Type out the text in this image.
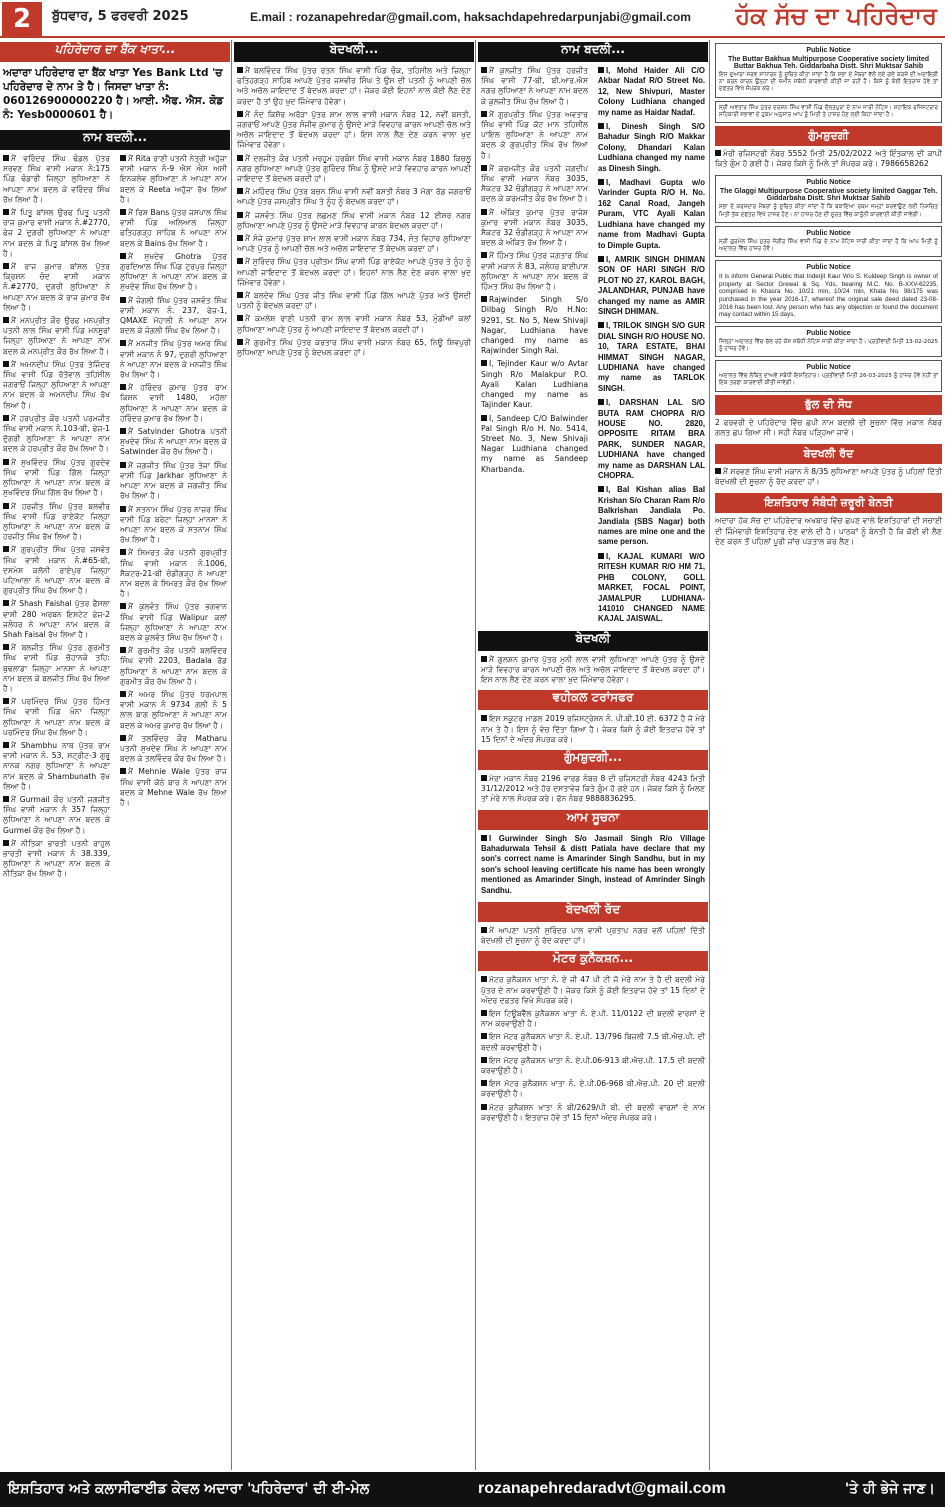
2	ਬੁੱਧਵਾਰ, 5 ਫਰਵਰੀ 2025	E.mail : rozanapehredar@gmail.com, haksachdapehredarpunjabi@gmail.com ਹੱਕ ਸੱਚ ਦਾ ਪਹਿਰੇਦਾਰ
ਪਹਿਰੇਦਾਰ ਦਾ ਬੈਂਕ ਖਾਤਾ...
ਅਦਾਰਾ ਪਹਿਰੇਦਾਰ ਦਾ ਬੈਂਕ ਖਾਤਾ Yes Bank Ltd 'ਚ ਪਹਿਰੇਦਾਰ ਦੇ ਨਾਮ ਤੇ ਹੈ। ਜਿਸਦਾ ਖਾਤਾ ਨੰ: 060126900000220 ਹੈ। ਆਈ. ਐਫ. ਐਸ. ਕੋਡ ਨੰ: Yesb0000601 ਹੈ।
ਨਾਮ ਬਦਲੀ...
ਮੈਂ ਵਰਿੰਦਰ ਸਿੰਘ ਢੰਡਲ ਪੁੱਤਰ ਸਰਵਣ ਸਿੰਘ ਵਾਸੀ ਮਕਾਨ ਨੰ:175 ਪਿੰਡ ਢੰਡਾਰੀ ਜਿਲ੍ਹਾ ਲੁਧਿਆਣਾ ਨੇ ਆਪਣਾ ਨਾਮ ਬਦਲ ਕੇ ਵਰਿੰਦਰ ਸਿੰਘ ਰੱਖ ਲਿਆ ਹੈ।
ਮੈਂ ਪਿਤੂ ਬਾਂਸਲ ਉਰਫ ਪਿਤੂ ਪਤਨੀ ਰਾਜ ਕੁਮਾਰ ਵਾਸੀ ਮਕਾਨ ਨੰ.#2770, ਫੇਜ਼ 2 ਦੁਗਰੀ ਲੁਧਿਆਣਾ ਨੇ ਆਪਣਾ ਨਾਮ ਬਦਲ ਕੇ ਪਿਤੂ ਬਾਂਸਲ ਰੱਖ ਲਿਆ ਹੈ।
ਮੈਂ ਰਾਜ ਕੁਮਾਰ ਬਾਂਸਲ ਪੁੱਤਰ ਕ੍ਰਿਸ਼ਨ ਚੰਦ ਵਾਸੀ ਮਕਾਨ ਨੰ.#2770, ਦੁਗਰੀ ਲੁਧਿਆਣਾ ਨੇ ਆਪਣਾ ਨਾਮ ਬਦਲ ਕੇ ਰਾਜ ਕੁਮਾਰ ਰੱਖ ਲਿਆ ਹੈ।
ਮੈਂ ਮਨਪ੍ਰੀਤ ਕੌਰ ਉਰਫ ਮਨਪ੍ਰੀਤ ਪਤਨੀ ਲਾਲ ਸਿੰਘ ਵਾਸੀ ਪਿੰਡ ਮਨਸੂਰਾਂ ਜਿਲ੍ਹਾ ਲੁਧਿਆਣਾ ਨੇ ਆਪਣਾ ਨਾਮ ਬਦਲ ਕੇ ਮਨਪ੍ਰੀਤ ਕੌਰ ਰੱਖ ਲਿਆ ਹੈ।
ਮੈਂ ਅਮਨਦੀਪ ਸਿੰਘ ਪੁੱਤਰ ਤੇਜਿੰਦਰ ਸਿੰਘ ਵਾਸੀ ਪਿੰਡ ਰੱਤੋਵਾਲ ਤਹਿਸੀਲ ਜਗਰਾਓਂ ਜਿਲ੍ਹਾ ਲੁਧਿਆਣਾ ਨੇ ਆਪਣਾ ਨਾਮ ਬਦਲ ਕੇ ਅਮਨਦੀਪ ਸਿੰਘ ਰੱਖ ਲਿਆ ਹੈ।
ਮੈਂ ਹਰਪ੍ਰੀਤ ਕੌਰ ਪਤਨੀ ਪਰਮਜੀਤ ਸਿੰਘ ਵਾਸੀ ਮਕਾਨ ਨੰ.103-ਬੀ, ਫੇਜ਼-1 ਦੁੱਗਰੀ ਲੁਧਿਆਣਾ ਨੇ ਆਪਣਾ ਨਾਮ ਬਦਲ ਕੇ ਹਰਪ੍ਰੀਤ ਕੌਰ ਰੱਖ ਲਿਆ ਹੈ।
ਮੈਂ ਸੁਖਵਿੰਦਰ ਸਿੰਘ ਪੁੱਤਰ ਗੁਰਦੇਵ ਸਿੰਘ ਵਾਸੀ ਪਿੰਡ ਗਿੱਲ ਜਿਲ੍ਹਾ ਲੁਧਿਆਣਾ ਨੇ ਆਪਣਾ ਨਾਮ ਬਦਲ ਕੇ ਸੁਖਵਿੰਦਰ ਸਿੰਘ ਗਿੱਲ ਰੱਖ ਲਿਆ ਹੈ।
ਮੈਂ ਹਰਜੀਤ ਸਿੰਘ ਪੁੱਤਰ ਬਲਵੀਰ ਸਿੰਘ ਵਾਸੀ ਪਿੰਡ ਰਾਏਕੋਟ ਜਿਲ੍ਹਾ ਲੁਧਿਆਣਾ ਨੇ ਆਪਣਾ ਨਾਮ ਬਦਲ ਕੇ ਹਰਜੀਤ ਸਿੰਘ ਰੱਖ ਲਿਆ ਹੈ।
ਮੈਂ ਗੁਰਪ੍ਰੀਤ ਸਿੰਘ ਪੁੱਤਰ ਜਸਵੰਤ ਸਿੰਘ ਵਾਸੀ ਮਕਾਨ ਨੰ.#65-ਬੀ, ਦਸਮੇਸ਼ ਕਲੋਨੀ ਰਾਏਪੁਰ ਜਿਲ੍ਹਾ ਪਟਿਆਲਾ ਨੇ ਆਪਣਾ ਨਾਮ ਬਦਲ ਕੇ ਗੁਰਪ੍ਰੀਤ ਸਿੰਘ ਰੱਖ ਲਿਆ ਹੈ।
ਮੈਂ Shash Faishal ਪੁੱਤਰ ਫੈਸਲਾ ਵਾਸੀ 280 ਅਰਬਨ ਇਸਟੇਟ ਫੇਜ਼-2 ਜਲੰਧਰ ਨੇ ਆਪਣਾ ਨਾਮ ਬਦਲ ਕੇ Shah Faisal ਰੱਖ ਲਿਆ ਹੈ।
ਮੈਂ ਬਲਜੀਤ ਸਿੰਘ ਪੁੱਤਰ ਗੁਰਮੀਤ ਸਿੰਘ ਵਾਸੀ ਪਿੰਡ ਚੋਹਾਨਕੇ ਤਹਿ: ਬੁਢਲਾਡਾ ਜਿਲ੍ਹਾ ਮਾਨਸਾ ਨੇ ਆਪਣਾ ਨਾਮ ਬਦਲ ਕੇ ਬਲਜੀਤ ਸਿੰਘ ਰੱਖ ਲਿਆ ਹੈ।
ਮੈਂ ਪਰਮਿੰਦਰ ਸਿੰਘ ਪੁੱਤਰ ਹਿੰਮਤ ਸਿੰਘ ਵਾਸੀ ਪਿੰਡ ਖੰਨਾ ਜਿਲ੍ਹਾ ਲੁਧਿਆਣਾ ਨੇ ਆਪਣਾ ਨਾਮ ਬਦਲ ਕੇ ਪਰਮਿੰਦਰ ਸਿੰਘ ਰੱਖ ਲਿਆ ਹੈ।
ਮੈਂ Shambhu ਨਾਥ ਪੁੱਤਰ ਰਾਮ ਵਾਸੀ ਮਕਾਨ ਨੰ. 53, ਸਟ੍ਰੀਟ-3 ਗੁਰੂ ਨਾਨਕ ਨਗਰ ਲੁਧਿਆਣਾ ਨੇ ਆਪਣਾ ਨਾਮ ਬਦਲ ਕੇ Shambunath ਰੱਖ ਲਿਆ ਹੈ।
ਮੈਂ Gurmail ਕੌਰ ਪਤਨੀ ਜਗਜੀਤ ਸਿੰਘ ਵਾਸੀ ਮਕਾਨ ਨੰ 357 ਜਿਲ੍ਹਾ ਲੁਧਿਆਣਾ ਨੇ ਆਪਣਾ ਨਾਮ ਬਦਲ ਕੇ Gurmel ਕੌਰ ਰੱਖ ਲਿਆ ਹੈ।
ਮੈਂ ਨੀਤਿਕਾ ਭਾਰਤੀ ਪਤਨੀ ਰਾਹੁਲ ਭਾਰਤੀ ਵਾਸੀ ਮਕਾਨ ਨੰ 38.339, ਲੁਧਿਆਣਾ ਨੇ ਆਪਣਾ ਨਾਮ ਬਦਲ ਕੇ ਨੀਤਿਕਾ ਰੱਖ ਲਿਆ ਹੈ।
ਮੈਂ Rita ਰਾਣੀ ਪਤਨੀ ਨੇਤ੍ਰੀ ਅਹੁੱਜਾ ਵਾਸੀ ਮਕਾਨ ਨੰ-9 ਐਸ ਐਸ ਅਸੀ ਇਨਕਲੇਵ ਲੁਧਿਆਣਾ ਨੇ ਆਪਣਾ ਨਾਮ ਬਦਲ ਕੇ Reeta ਅਹੁੱਜਾ ਰੱਖ ਲਿਆ ਹੈ।
ਮੈਂ ਰਿਸ਼ Bans ਪੁੱਤਰ ਜਸਪਾਲ ਸਿੰਘ ਵਾਸੀ ਪਿੰਡ ਅਲਿਆਲ ਜਿਲ੍ਹਾ ਫਤਿਹਗੜ੍ਹ ਸਾਹਿਬ ਨੇ ਆਪਣਾ ਨਾਮ ਬਦਲ ਕੇ Bains ਰੱਖ ਲਿਆ ਹੈ।
ਮੈਂ ਸੁਖਦੇਵ Ghotra ਪੁੱਤਰ ਗੁਰਦਿਆਲ ਸਿੰਘ ਪਿੰਡ ਟੁਰਪੁਰ ਜਿਲ੍ਹਾ ਲੁਧਿਆਣਾ ਨੇ ਆਪਣਾ ਨਾਮ ਬਦਲ ਕੇ ਸੁਖਦੇਵ ਸਿੰਘ ਰੱਖ ਲਿਆ ਹੈ।
ਮੈਂ ਜੰਗਲੀ ਸਿੰਘ ਪੁੱਤਰ ਜਸਵੰਤ ਸਿੰਘ ਵਾਸੀ ਮਕਾਨ ਨੰ. 237, ਫੇਜ਼-1, QMAXE ਮੋਹਾਲੀ ਨੇ ਆਪਣਾ ਨਾਮ ਬਦਲ ਕੇ ਜੰਗਲੀ ਸਿੰਘ ਰੱਖ ਲਿਆ ਹੈ।
ਮੈਂ ਮਨਜੀਤ ਸਿੰਘ ਪੁੱਤਰ ਅਮਰ ਸਿੰਘ ਵਾਸੀ ਮਕਾਨ ਨੰ 97, ਦੁਗਰੀ ਲੁਧਿਆਣਾ ਨੇ ਆਪਣਾ ਨਾਮ ਬਦਲ ਕੇ ਮਨਜੀਤ ਸਿੰਘ ਰੱਖ ਲਿਆ ਹੈ।
ਮੈਂ ਹਰਿੰਦਰ ਕੁਮਾਰ ਪੁੱਤਰ ਰਾਮ ਕਿਸ਼ਨ ਵਾਸੀ 1480, ਮਹੱਲਾ ਲੁਧਿਆਣਾ ਨੇ ਆਪਣਾ ਨਾਮ ਬਦਲ ਕੇ ਹਰਿੰਦਰ ਕੁਮਾਰ ਰੱਖ ਲਿਆ ਹੈ।
ਮੈਂ Satvinder Ghotra ਪਤਨੀ ਸੁਖਦੇਵ ਸਿੰਘ ਨੇ ਆਪਣਾ ਨਾਮ ਬਦਲ ਕੇ Satwinder ਕੌਰ ਰੱਖ ਲਿਆ ਹੈ।
ਮੈਂ ਜਗਜੀਤ ਸਿੰਘ ਪੁੱਤਰ ਤੇਜਾ ਸਿੰਘ ਵਾਸੀ ਪਿੰਡ Jarkhar ਲੁਧਿਆਣਾ ਨੇ ਆਪਣਾ ਨਾਮ ਬਦਲ ਕੇ ਜਗਜੀਤ ਸਿੰਘ ਰੱਖ ਲਿਆ ਹੈ।
ਮੈਂ ਸਤਨਾਮ ਸਿੰਘ ਪੁੱਤਰ ਨਾਜ਼ਰ ਸਿੰਘ ਵਾਸੀ ਪਿੰਡ ਬਰੇਟਾ ਜਿਲ੍ਹਾ ਮਾਨਸਾ ਨੇ ਆਪਣਾ ਨਾਮ ਬਦਲ ਕੇ ਸਤਨਾਮ ਸਿੰਘ ਰੱਖ ਲਿਆ ਹੈ।
ਮੈਂ ਸਿਮਰਤ ਕੌਰ ਪਤਨੀ ਗੁਰਪ੍ਰੀਤ ਸਿੰਘ ਵਾਸੀ ਮਕਾਨ ਨੰ.1006, ਸੈਕਟਰ-21-ਬੀ ਚੰਡੀਗੜ੍ਹ ਨੇ ਆਪਣਾ ਨਾਮ ਬਦਲ ਕੇ ਸਿਮਰਤ ਕੌਰ ਰੱਖ ਲਿਆ ਹੈ।
ਮੈਂ ਕੁਲਵੰਤ ਸਿੰਘ ਪੁੱਤਰ ਭਗਵਾਨ ਸਿੰਘ ਵਾਸੀ ਪਿੰਡ Walipur ਕਲਾਂ ਜਿਲ੍ਹਾ ਲੁਧਿਆਣਾ ਨੇ ਆਪਣਾ ਨਾਮ ਬਦਲ ਕੇ ਕੁਲਵੰਤ ਸਿੰਘ ਰੱਖ ਲਿਆ ਹੈ।
ਮੈਂ ਗੁਰਮੀਤ ਕੌਰ ਪਤਨੀ ਬਲਵਿੰਦਰ ਸਿੰਘ ਵਾਸੀ 2203, Badala ਰੋਡ ਲੁਧਿਆਣਾ ਨੇ ਆਪਣਾ ਨਾਮ ਬਦਲ ਕੇ ਗੁਰਮੀਤ ਕੌਰ ਰੱਖ ਲਿਆ ਹੈ।
ਮੈਂ ਅਮਰ ਸਿੰਘ ਪੁੱਤਰ ਧਰਮਪਾਲ ਵਾਸੀ ਮਕਾਨ ਨੰ 9734 ਗਲੀ ਨੰ 5 ਲਾਲ ਬਾਗ ਲੁਧਿਆਣਾ ਨੇ ਆਪਣਾ ਨਾਮ ਬਦਲ ਕੇ ਅਮਰ ਕੁਮਾਰ ਰੱਖ ਲਿਆ ਹੈ।
ਮੈਂ ਤਲਵਿੰਦਰ ਕੌਰ Matharu ਪਤਨੀ ਸੁਖਦੇਵ ਸਿੰਘ ਨੇ ਆਪਣਾ ਨਾਮ ਬਦਲ ਕੇ ਤਲਵਿੰਦਰ ਕੌਰ ਰੱਖ ਲਿਆ ਹੈ।
ਮੈਂ Mehnie Wale ਪੁੱਤਰ ਰਾਜ ਸਿੰਘ ਵਾਸੀ ਕੋਠੇ ਬਾਰ ਨੇ ਆਪਣਾ ਨਾਮ ਬਦਲ ਕੇ Mehne Wale ਰੱਖ ਲਿਆ ਹੈ।
ਬੇਦਖਲੀ...
ਮੈਂ ਬਲਵਿੰਦਰ ਸਿੰਘ ਪੁੱਤਰ ਰਤਨ ਸਿੰਘ ਵਾਸੀ ਪਿੰਡ ਚੌਕ, ਤਹਿਸੀਲ ਅਤੇ ਜ਼ਿਲ੍ਹਾ ਫਤਿਹਗੜ੍ਹ ਸਾਹਿਬ ਆਪਣੇ ਪੁੱਤਰ ਜਸਵੀਰ ਸਿੰਘ ਤੇ ਉਸ ਦੀ ਪਤਨੀ ਨੂੰ ਆਪਣੀ ਚੱਲ ਅਤੇ ਅਚੱਲ ਜਾਇਦਾਦ ਤੋਂ ਬੇਦਖਲ ਕਰਦਾ ਹਾਂ। ਜੇਕਰ ਕੋਈ ਇਹਨਾਂ ਨਾਲ ਕੋਈ ਲੈਣ ਦੇਣ ਕਰਦਾ ਹੈ ਤਾਂ ਉਹ ਖੁਦ ਜਿੰਮੇਵਾਰ ਹੋਵੇਗਾ।
ਮੈਂ ਨੰਦ ਕਿਸ਼ੋਰ ਅਰੋੜਾ ਪੁੱਤਰ ਸ਼ਾਮ ਲਾਲ ਵਾਸੀ ਮਕਾਨ ਨੰਬਰ 12, ਨਵੀਂ ਬਸਤੀ, ਜਗਰਾਓਂ ਆਪਣੇ ਪੁੱਤਰ ਸੰਜੀਵ ਕੁਮਾਰ ਨੂੰ ਉਸਦੇ ਮਾੜੇ ਵਿਵਹਾਰ ਕਾਰਨ ਆਪਣੀ ਚੱਲ ਅਤੇ ਅਚੱਲ ਜਾਇਦਾਦ ਤੋਂ ਬੇਦਖਲ ਕਰਦਾ ਹਾਂ। ਇਸ ਨਾਲ ਲੈਣ ਦੇਣ ਕਰਨ ਵਾਲਾ ਖੁਦ ਜਿੰਮੇਵਾਰ ਹੋਵੇਗਾ।
ਮੈਂ ਦਲਜੀਤ ਕੌਰ ਪਤਨੀ ਮਰਹੂਮ ਹਰਬੰਸ ਸਿੰਘ ਵਾਸੀ ਮਕਾਨ ਨੰਬਰ 1880 ਕਿਚਲੂ ਨਗਰ ਲੁਧਿਆਣਾ ਆਪਣੇ ਪੁੱਤਰ ਗੁਰਿੰਦਰ ਸਿੰਘ ਨੂੰ ਉਸਦੇ ਮਾੜੇ ਵਿਵਹਾਰ ਕਾਰਨ ਆਪਣੀ ਜਾਇਦਾਦ ਤੋਂ ਬੇਦਖਲ ਕਰਦੀ ਹਾਂ।
ਮੈਂ ਮਹਿੰਦਰ ਸਿੰਘ ਪੁੱਤਰ ਬਚਨ ਸਿੰਘ ਵਾਸੀ ਨਵੀਂ ਬਸਤੀ ਨੰਬਰ 3 ਮੋਗਾ ਰੋਡ ਜਗਰਾਓਂ ਆਪਣੇ ਪੁੱਤਰ ਜਸਪ੍ਰੀਤ ਸਿੰਘ ਤੇ ਨੂੰਹ ਨੂੰ ਬੇਦਖਲ ਕਰਦਾ ਹਾਂ।
ਮੈਂ ਜਸਵੰਤ ਸਿੰਘ ਪੁੱਤਰ ਲਛਮਣ ਸਿੰਘ ਵਾਸੀ ਮਕਾਨ ਨੰਬਰ 12 ਈਸ਼ਰ ਨਗਰ ਲੁਧਿਆਣਾ ਆਪਣੇ ਪੁੱਤਰ ਨੂੰ ਉਸਦੇ ਮਾੜੇ ਵਿਵਹਾਰ ਕਾਰਨ ਬੇਦਖਲ ਕਰਦਾ ਹਾਂ।
ਮੈਂ ਸੰਜੇ ਕੁਮਾਰ ਪੁੱਤਰ ਸ਼ਾਮ ਲਾਲ ਵਾਸੀ ਮਕਾਨ ਨੰਬਰ 734, ਸੰਤ ਵਿਹਾਰ ਲੁਧਿਆਣਾ ਆਪਣੇ ਪੁੱਤਰ ਨੂੰ ਆਪਣੀ ਚੱਲ ਅਤੇ ਅਚੱਲ ਜਾਇਦਾਦ ਤੋਂ ਬੇਦਖਲ ਕਰਦਾ ਹਾਂ।
ਮੈਂ ਸੁਰਿੰਦਰ ਸਿੰਘ ਪੁੱਤਰ ਪ੍ਰੀਤਮ ਸਿੰਘ ਵਾਸੀ ਪਿੰਡ ਰਾਏਕੋਟ ਆਪਣੇ ਪੁੱਤਰ ਤੇ ਨੂੰਹ ਨੂੰ ਆਪਣੀ ਜਾਇਦਾਦ ਤੋਂ ਬੇਦਖਲ ਕਰਦਾ ਹਾਂ। ਇਹਨਾਂ ਨਾਲ ਲੈਣ ਦੇਣ ਕਰਨ ਵਾਲਾ ਖੁਦ ਜਿੰਮੇਵਾਰ ਹੋਵੇਗਾ।
ਮੈਂ ਬਲਦੇਵ ਸਿੰਘ ਪੁੱਤਰ ਜੀਤ ਸਿੰਘ ਵਾਸੀ ਪਿੰਡ ਗਿੱਲ ਆਪਣੇ ਪੁੱਤਰ ਅਤੇ ਉਸਦੀ ਪਤਨੀ ਨੂੰ ਬੇਦਖਲ ਕਰਦਾ ਹਾਂ।
ਮੈਂ ਕਮਲੇਸ਼ ਰਾਣੀ ਪਤਨੀ ਰਾਮ ਲਾਲ ਵਾਸੀ ਮਕਾਨ ਨੰਬਰ 53, ਮੁੰਡੀਆਂ ਕਲਾਂ ਲੁਧਿਆਣਾ ਆਪਣੇ ਪੁੱਤਰ ਨੂੰ ਆਪਣੀ ਜਾਇਦਾਦ ਤੋਂ ਬੇਦਖਲ ਕਰਦੀ ਹਾਂ।
ਮੈਂ ਗੁਰਮੀਤ ਸਿੰਘ ਪੁੱਤਰ ਕਰਤਾਰ ਸਿੰਘ ਵਾਸੀ ਮਕਾਨ ਨੰਬਰ 65, ਨਿਊ ਸ਼ਿਵਪੁਰੀ ਲੁਧਿਆਣਾ ਆਪਣੇ ਪੁੱਤਰ ਨੂੰ ਬੇਦਖਲ ਕਰਦਾ ਹਾਂ।
ਨਾਮ ਬਦਲੀ...
ਮੈਂ ਕੁਲਜੀਤ ਸਿੰਘ ਪੁੱਤਰ ਹਰਜੀਤ ਸਿੰਘ ਵਾਸੀ 77-ਬੀ, ਬੀ.ਆਰ.ਐਸ ਨਗਰ ਲੁਧਿਆਣਾ ਨੇ ਆਪਣਾ ਨਾਮ ਬਦਲ ਕੇ ਕੁਲਜੀਤ ਸਿੰਘ ਰੱਖ ਲਿਆ ਹੈ।
ਮੈਂ ਗੁਰਪ੍ਰੀਤ ਸਿੰਘ ਪੁੱਤਰ ਅਵਤਾਰ ਸਿੰਘ ਵਾਸੀ ਪਿੰਡ ਕੋਟ ਮਾਨ ਤਹਿਸੀਲ ਪਾਇਲ ਲੁਧਿਆਣਾ ਨੇ ਆਪਣਾ ਨਾਮ ਬਦਲ ਕੇ ਗੁਰਪ੍ਰੀਤ ਸਿੰਘ ਰੱਖ ਲਿਆ ਹੈ।
ਮੈਂ ਕਰਮਜੀਤ ਕੌਰ ਪਤਨੀ ਜਗਦੀਪ ਸਿੰਘ ਵਾਸੀ ਮਕਾਨ ਨੰਬਰ 3035, ਸੈਕਟਰ 32 ਚੰਡੀਗੜ੍ਹ ਨੇ ਆਪਣਾ ਨਾਮ ਬਦਲ ਕੇ ਕਰਮਜੀਤ ਕੌਰ ਰੱਖ ਲਿਆ ਹੈ।
ਮੈਂ ਅੰਕਿਤ ਕੁਮਾਰ ਪੁੱਤਰ ਰਾਜੇਸ਼ ਕੁਮਾਰ ਵਾਸੀ ਮਕਾਨ ਨੰਬਰ 3035, ਸੈਕਟਰ 32 ਚੰਡੀਗੜ੍ਹ ਨੇ ਆਪਣਾ ਨਾਮ ਬਦਲ ਕੇ ਅੰਕਿਤ ਰੱਖ ਲਿਆ ਹੈ।
ਮੈਂ ਹਿੰਮਤ ਸਿੰਘ ਪੁੱਤਰ ਜਗਤਾਰ ਸਿੰਘ ਵਾਸੀ ਮਕਾਨ ਨੰ 83, ਜਲੰਧਰ ਬਾਈਪਾਸ ਲੁਧਿਆਣਾ ਨੇ ਆਪਣਾ ਨਾਮ ਬਦਲ ਕੇ ਹਿੰਮਤ ਸਿੰਘ ਰੱਖ ਲਿਆ ਹੈ।
Rajwinder Singh S/o Dilbag Singh R/o H.No: 9291, St. No 5, New Shivaji Nagar, Ludhiana have changed my name as Rajwinder Singh Rai.
I, Tejinder Kaur w/o Avtar Singh R/o Malakpur P.O. Ayali Kalan Ludhiana changed my name as Tajinder Kaur.
I, Sandeep C/O Balwinder Pal Singh R/o H. No. 5414, Street No. 3, New Shivaji Nagar Ludhiana changed my name as Sandeep Kharbanda.
I, Mohd Haider Ali C/O Akbar Nadaf R/O Street No. 12, New Shivpuri, Master Colony Ludhiana changed my name as Haidar Nadaf.
I, Dinesh Singh S/O Bahadur Singh R/O Makkar Colony, Dhandari Kalan Ludhiana changed my name as Dinesh Singh.
I, Madhavi Gupta w/o Varinder Gupta R/O H. No. 162 Canal Road, Jangeh Puram, VTC Ayali Kalan Ludhiana have changed my name from Madhavi Gupta to Dimple Gupta.
I, AMRIK SINGH DHIMAN SON OF HARI SINGH R/O PLOT NO 27, KAROL BAGH, JALANDHAR, PUNJAB have changed my name as AMIR SINGH DHIMAN.
I, TRILOK SINGH S/O GUR DIAL SINGH R/O HOUSE NO. 10, TARA ESTATE, BHAI HIMMAT SINGH NAGAR, LUDHIANA have changed my name as TARLOK SINGH.
I, DARSHAN LAL S/O BUTA RAM CHOPRA R/O HOUSE NO. 2820, OPPOSITE RITAM BRA PARK, SUNDER NAGAR, LUDHIANA have changed my name as DARSHAN LAL CHOPRA.
I, Bal Kishan alias Bal Krishan S/o Charan Ram R/o Balkrishan Jandiala Po. Jandiala (SBS Nagar) both names are mine one and the same person.
I, KAJAL KUMARI W/O RITESH KUMAR R/O HM 71, PHB COLONY, GOLL MARKET, FOCAL POINT, JAMALPUR LUDHIANA-141010 CHANGED NAME KAJAL JAISWAL.
ਬੇਦਖਲੀ
ਮੈਂ ਗੁਲਸ਼ਨ ਕੁਮਾਰ ਪੁੱਤਰ ਮੁਨੀ ਲਾਲ ਵਾਸੀ ਲੁਧਿਆਣਾ ਆਪਣੇ ਪੁੱਤਰ ਨੂੰ ਉਸਦੇ ਮਾੜੇ ਵਿਵਹਾਰ ਕਾਰਨ ਆਪਣੀ ਚੱਲ ਅਤੇ ਅਚੱਲ ਜਾਇਦਾਦ ਤੋਂ ਬੇਦਖਲ ਕਰਦਾ ਹਾਂ। ਇਸ ਨਾਲ ਲੈਣ ਦੇਣ ਕਰਨ ਵਾਲਾ ਖੁਦ ਜਿੰਮੇਵਾਰ ਹੋਵੇਗਾ।
ਵਹੀਕਲ ਟਰਾਂਸਫਰ
ਇਸ ਸਕੂਟਰ ਮਾਡਲ 2019 ਰਜਿਸਟ੍ਰੇਸ਼ਨ ਨੰ. ਪੀ.ਬੀ.10 ਈ. 6372 ਹੈ ਜੋ ਮੇਰੇ ਨਾਮ ਤੇ ਹੈ। ਇਸ ਨੂੰ ਵੇਚ ਦਿੱਤਾ ਗਿਆ ਹੈ। ਜੇਕਰ ਕਿਸੇ ਨੂੰ ਕੋਈ ਇਤਰਾਜ਼ ਹੋਵੇ ਤਾਂ 15 ਦਿਨਾਂ ਦੇ ਅੰਦਰ ਸੰਪਰਕ ਕਰੇ।
ਗੁੰਮਸ਼ੁਦਗੀ...
ਮੇਰਾ ਮਕਾਨ ਨੰਬਰ 2196 ਵਾਰਡ ਨੰਬਰ 8 ਦੀ ਰਜਿਸਟਰੀ ਨੰਬਰ 4243 ਮਿਤੀ 31/12/2012 ਅਤੇ ਹੋਰ ਦਸਤਾਵੇਜ਼ ਕਿਤੇ ਗੁੰਮ ਹੋ ਗਏ ਹਨ। ਜੇਕਰ ਕਿਸੇ ਨੂੰ ਮਿਲਣ ਤਾਂ ਮੇਰੇ ਨਾਲ ਸੰਪਰਕ ਕਰੇ। ਫੋਨ ਨੰਬਰ 9888836295.
ਆਮ ਸੂਚਨਾ
I Gurwinder Singh S/o Jasmail Singh R/o Village Bahadurwala Tehsil & distt Patiala have declare that my son's correct name is Amarinder Singh Sandhu, but in my son's school leaving certificate his name has been wrongly mentioned as Amarinder Singh, instead of Amrinder Singh Sandhu.
ਬੇਦਖਲੀ ਰੱਦ
ਮੈਂ ਆਪਣਾ ਪਤਨੀ ਸੁਰਿੰਦਰ ਪਾਲ ਵਾਸੀ ਪ੍ਰਤਾਪ ਨਗਰ ਵਲੋਂ ਪਹਿਲਾਂ ਦਿੱਤੀ ਬੇਦਖਲੀ ਦੀ ਸੂਚਨਾ ਨੂੰ ਰੱਦ ਕਰਦਾ ਹਾਂ।
ਮੋਟਰ ਕੁਨੈਕਸ਼ਨ...
ਮੋਟਰ ਕੁਨੈਕਸ਼ਨ ਖਾਤਾ ਨੰ. ਏ ਜੀ 47 ਪੀ ਟੀ ਜੋ ਮੇਰੇ ਨਾਮ ਤੇ ਹੈ ਦੀ ਬਦਲੀ ਮੇਰੇ ਪੁੱਤਰ ਦੇ ਨਾਮ ਕਰਵਾਉਣੀ ਹੈ। ਜੇਕਰ ਕਿਸੇ ਨੂੰ ਕੋਈ ਇਤਰਾਜ਼ ਹੋਵੇ ਤਾਂ 15 ਦਿਨਾਂ ਦੇ ਅੰਦਰ ਦਫਤਰ ਵਿਖੇ ਸੰਪਰਕ ਕਰੇ।
ਇਸ ਟਿਊਬਵੈੱਲ ਕੁਨੈਕਸ਼ਨ ਖਾਤਾ ਨੰ. ਏ.ਪੀ. 11/0122 ਦੀ ਬਦਲੀ ਵਾਰਸਾਂ ਦੇ ਨਾਮ ਕਰਵਾਉਣੀ ਹੈ।
ਇਸ ਮੋਟਰ ਕੁਨੈਕਸ਼ਨ ਖਾਤਾ ਨੰ. ਏ.ਪੀ. 13/796 ਬਿਜਲੀ 7.5 ਬੀ.ਐਚ.ਪੀ. ਦੀ ਬਦਲੀ ਕਰਵਾਉਣੀ ਹੈ।
ਇਸ ਮੋਟਰ ਕੁਨੈਕਸ਼ਨ ਖਾਤਾ ਨੰ. ਏ.ਪੀ.06-913 ਬੀ.ਐਚ.ਪੀ. 17.5 ਦੀ ਬਦਲੀ ਕਰਵਾਉਣੀ ਹੈ।
ਇਸ ਮੋਟਰ ਕੁਨੈਕਸ਼ਨ ਖਾਤਾ ਨੰ. ਏ.ਪੀ.06-968 ਬੀ.ਐਚ.ਪੀ. 20 ਦੀ ਬਦਲੀ ਕਰਵਾਉਣੀ ਹੈ।
ਮੋਟਰ ਕੁਨੈਕਸ਼ਨ ਖਾਤਾ ਨੰ ਬੀ/2629/ਪੀ ਬੀ. ਦੀ ਬਦਲੀ ਵਾਰਸਾਂ ਦੇ ਨਾਮ ਕਰਵਾਉਣੀ ਹੈ। ਇਤਰਾਜ਼ ਹੋਵੇ ਤਾਂ 15 ਦਿਨਾਂ ਅੰਦਰ ਸੰਪਰਕ ਕਰੇ।
Public Notice
The Buttar Bakhua Multipurpose Cooperative society limited Buttar Bakhua Teh. Giddarbaha Distt. Shri Muktsar Sahib
ਇਸ ਦੁਆਰਾ ਸਰਵ ਸਾਧਾਰਨ ਨੂੰ ਸੂਚਿਤ ਕੀਤਾ ਜਾਂਦਾ ਹੈ ਕਿ ਸਭਾ ਦੇ ਮੈਂਬਰਾਂ ਵੱਲੋਂ ਲਏ ਗਏ ਕਰਜ਼ੇ ਦੀ ਅਦਾਇਗੀ ਨਾ ਕਰਨ ਕਾਰਨ ਉਨ੍ਹਾਂ ਦੀ ਜ਼ਮੀਨ ਸਬੰਧੀ ਕਾਰਵਾਈ ਕੀਤੀ ਜਾ ਰਹੀ ਹੈ। ਕਿਸੇ ਨੂੰ ਕੋਈ ਇਤਰਾਜ਼ ਹੋਵੇ ਤਾਂ ਦਫਤਰ ਵਿਖੇ ਸੰਪਰਕ ਕਰੇ।
ਸ੍ਰੀ ਅਵਤਾਰ ਸਿੰਘ ਪੁੱਤਰ ਦਰਸ਼ਨ ਸਿੰਘ ਵਾਸੀ ਪਿੰਡ ਦੌਲਤਪੁਰਾ ਦੇ ਨਾਮ ਜਾਰੀ ਨੋਟਿਸ। ਸਹਾਇਕ ਰਜਿਸਟਰਾਰ ਸਹਿਕਾਰੀ ਸਭਾਵਾਂ ਦੇ ਹੁਕਮ ਅਨੁਸਾਰ ਆਪ ਨੂੰ ਮਿਤੀ ਤੇ ਹਾਜ਼ਰ ਹੋਣ ਲਈ ਕਿਹਾ ਜਾਂਦਾ ਹੈ।
ਗੁੰਮਸ਼ੁਦਗੀ
ਮੇਰੀ ਰਜਿਸਟਰੀ ਨੰਬਰ 5552 ਮਿਤੀ 25/02/2022 ਅਤੇ ਇੰਤਕਾਲ ਦੀ ਕਾਪੀ ਕਿਤੇ ਗੁੰਮ ਹੋ ਗਈ ਹੈ। ਜੇਕਰ ਕਿਸੇ ਨੂੰ ਮਿਲੇ ਤਾਂ ਸੰਪਰਕ ਕਰੇ। 7986658262
Public Notice
The Glaggi Multipurpose Cooperative society limited Gaggar Teh. Giddarbaha Distt. Shri Muktsar Sahib
ਸਭਾ ਦੇ ਕਰਜ਼ਦਾਰ ਮੈਂਬਰਾਂ ਨੂੰ ਸੂਚਿਤ ਕੀਤਾ ਜਾਂਦਾ ਹੈ ਕਿ ਬਕਾਇਆ ਰਕਮ ਜਮ੍ਹਾਂ ਕਰਵਾਉਣ ਲਈ ਨਿਸ਼ਚਿਤ ਮਿਤੀ ਤੱਕ ਦਫਤਰ ਵਿਖੇ ਹਾਜ਼ਰ ਹੋਣ। ਨਾ ਹਾਜ਼ਰ ਹੋਣ ਦੀ ਸੂਰਤ ਵਿੱਚ ਕਾਨੂੰਨੀ ਕਾਰਵਾਈ ਕੀਤੀ ਜਾਵੇਗੀ।
Public Notice
ਸ੍ਰੀ ਗੁਰਮੇਲ ਸਿੰਘ ਪੁੱਤਰ ਜੰਗੀਰ ਸਿੰਘ ਵਾਸੀ ਪਿੰਡ ਦੇ ਨਾਮ ਨੋਟਿਸ ਜਾਰੀ ਕੀਤਾ ਜਾਂਦਾ ਹੈ ਕਿ ਆਪ ਮਿਤੀ ਨੂੰ ਅਦਾਲਤ ਵਿੱਚ ਹਾਜ਼ਰ ਹੋਵੋ।
Public Notice
It is inform General Public that Inderjit Kaur W/o S. Kuldeep Singh is owner of property at Sector Grewal & Sq. Yds. bearing M.C. No. B-XXV-62235, comprised in Khasra No. 10/21 min, 10/24 min, Khata No. 98/175 was purchased in the year 2016-17, whereof the original sale deed dated 23-08-2016 has been lost. Any person who has any objection or found the document may contact within 15 days.
Public Notice
ਜਿਲ੍ਹਾ ਅਦਾਲਤ ਵਿੱਚ ਚੱਲ ਰਹੇ ਕੇਸ ਸਬੰਧੀ ਨੋਟਿਸ ਜਾਰੀ ਕੀਤਾ ਜਾਂਦਾ ਹੈ। ਪ੍ਰਤੀਵਾਦੀ ਮਿਤੀ 13-02-2025 ਨੂੰ ਹਾਜ਼ਰ ਹੋਵੇ।
Public Notice
ਅਦਾਲਤ ਵਿੱਚ ਲੰਬਿਤ ਦਾਅਵੇ ਸਬੰਧੀ ਇਸ਼ਤਿਹਾਰ। ਪ੍ਰਤੀਵਾਦੀ ਮਿਤੀ 26-03-2025 ਨੂੰ ਹਾਜ਼ਰ ਹੋਵੇ ਨਹੀਂ ਤਾਂ ਇਕ ਤਰਫਾ ਕਾਰਵਾਈ ਕੀਤੀ ਜਾਵੇਗੀ।
ਭੁੱਲ ਦੀ ਸੋਧ
2 ਫਰਵਰੀ ਦੇ ਪਹਿਰੇਦਾਰ ਵਿੱਚ ਛਪੀ ਨਾਮ ਬਦਲੀ ਦੀ ਸੂਚਨਾ ਵਿੱਚ ਮਕਾਨ ਨੰਬਰ ਗਲਤ ਛਪ ਗਿਆ ਸੀ। ਸਹੀ ਨੰਬਰ ਪੜ੍ਹਿਆ ਜਾਵੇ।
ਬੇਦਖਲੀ ਰੱਦ
ਮੈਂ ਸਰਵਣ ਸਿੰਘ ਵਾਸੀ ਮਕਾਨ ਨੰ 8/35 ਲੁਧਿਆਣਾ ਆਪਣੇ ਪੁੱਤਰ ਨੂੰ ਪਹਿਲਾਂ ਦਿੱਤੀ ਬੇਦਖਲੀ ਦੀ ਸੂਚਨਾ ਨੂੰ ਰੱਦ ਕਰਦਾ ਹਾਂ।
ਇਸ਼ਤਿਹਾਰ ਸੰਬੰਧੀ ਜ਼ਰੂਰੀ ਬੇਨਤੀ
ਅਦਾਰਾ ਹੱਕ ਸੱਚ ਦਾ ਪਹਿਰੇਦਾਰ ਅਖਬਾਰ ਵਿੱਚ ਛਪਣ ਵਾਲੇ ਇਸ਼ਤਿਹਾਰਾਂ ਦੀ ਸਚਾਈ ਦੀ ਜਿੰਮੇਵਾਰੀ ਇਸ਼ਤਿਹਾਰ ਦੇਣ ਵਾਲੇ ਦੀ ਹੈ। ਪਾਠਕਾਂ ਨੂੰ ਬੇਨਤੀ ਹੈ ਕਿ ਕੋਈ ਵੀ ਲੈਣ ਦੇਣ ਕਰਨ ਤੋਂ ਪਹਿਲਾਂ ਪੂਰੀ ਜਾਂਚ ਪੜਤਾਲ ਕਰ ਲੈਣ।
ਇਸ਼ਤਿਹਾਰ ਅਤੇ ਕਲਾਸੀਫਾਈਡ ਕੇਵਲ ਅਦਾਰਾ 'ਪਹਿਰੇਦਾਰ' ਦੀ ਈ-ਮੇਲ	rozanapehredaradvt@gmail.com	'ਤੇ ਹੀ ਭੇਜੇ ਜਾਣ।
